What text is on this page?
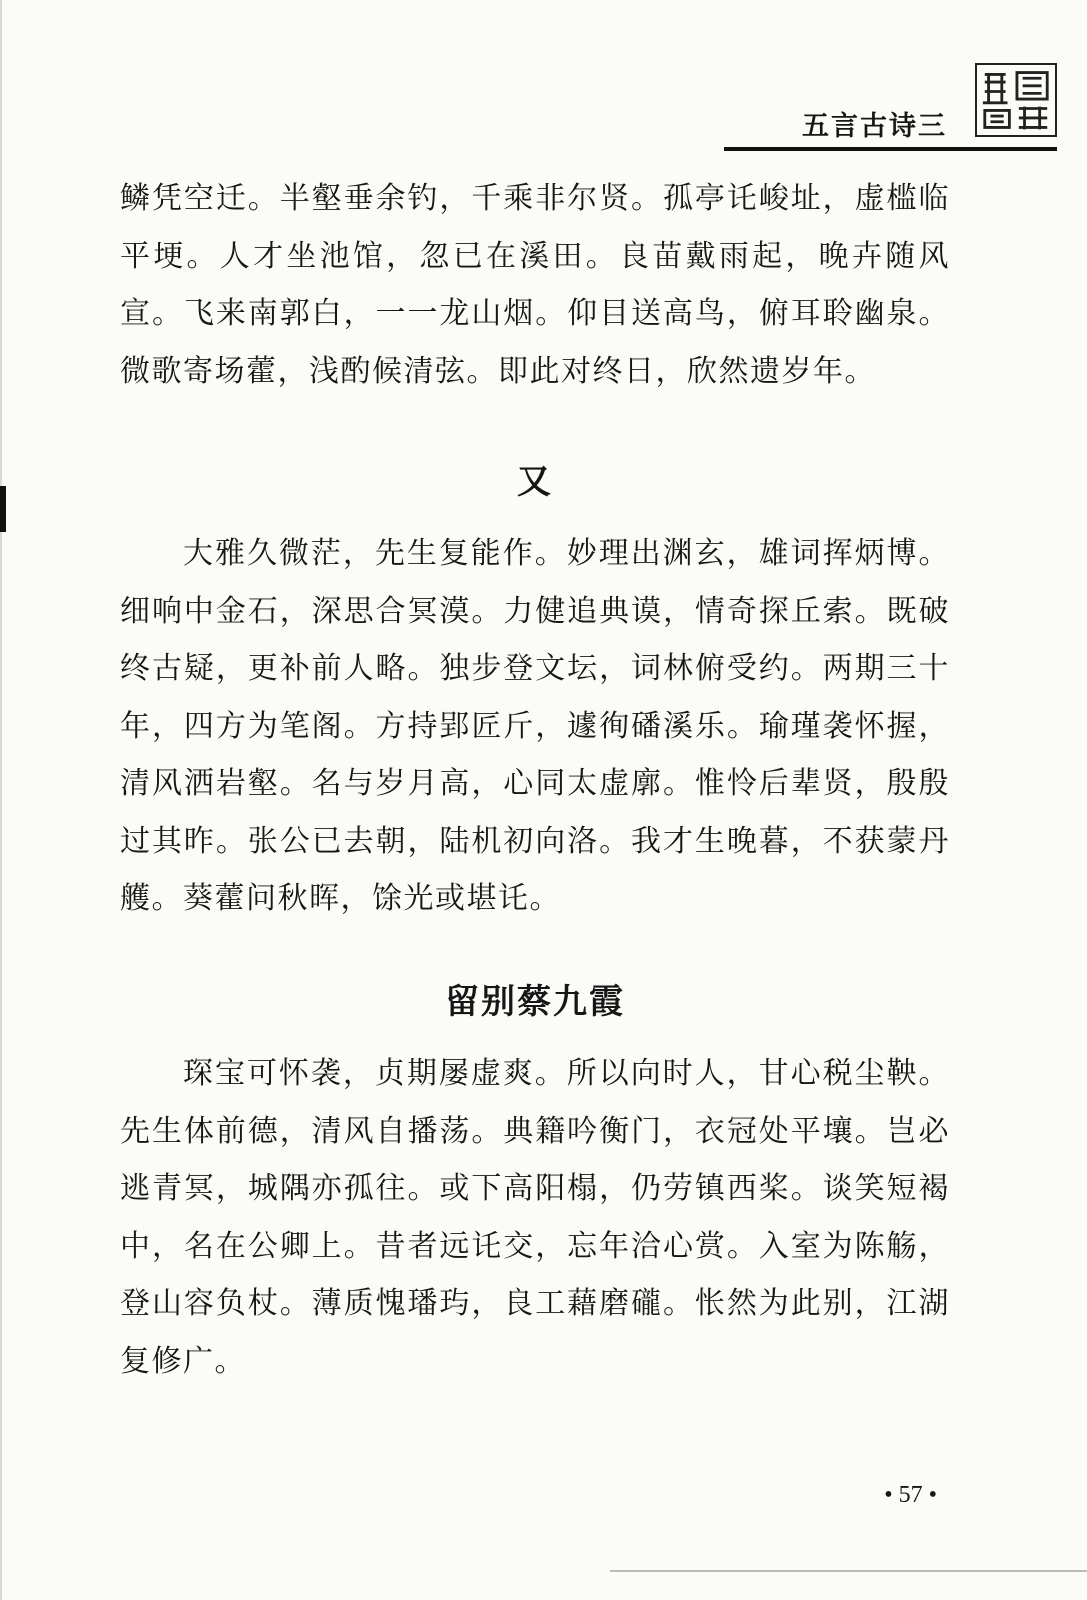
五言古诗三

鳞凭空迁。半壑垂余钓，千乘非尔贤。孤亭讬峻址，虚槛临平埂。人才坐池馆，忽已在溪田。良苗戴雨起，晚卉随风宣。飞来南郭白，一一龙山烟。仰目送高鸟，俯耳聆幽泉。微歌寄场藿，浅酌候清弦。即此对终日，欣然遗岁年。

又

大雅久微茫，先生复能作。妙理出渊玄，雄词挥炳博。细响中金石，深思合冥漠。力健追典谟，情奇探丘索。既破终古疑，更补前人略。独步登文坛，词林俯受约。两期三十年，四方为笔阁。方持郢匠斤，遽徇磻溪乐。瑜瑾袭怀握，清风洒岩壑。名与岁月高，心同太虚廓。惟怜后辈贤，殷殷过其昨。张公已去朝，陆机初向洛。我才生晚暮，不获蒙丹艧。葵藿问秋晖，馀光或堪讬。

留别蔡九霞

琛宝可怀袭，贞期屡虚爽。所以向时人，甘心税尘鞅。先生体前德，清风自播荡。典籍吟衡门，衣冠处平壤。岂必逃青冥，城隅亦孤往。或下高阳榻，仍劳镇西桨。谈笑短褐中，名在公卿上。昔者远讬交，忘年洽心赏。入室为陈觞，登山容负杖。薄质愧璠玙，良工藉磨礲。怅然为此别，江湖复修广。

• 57 •
